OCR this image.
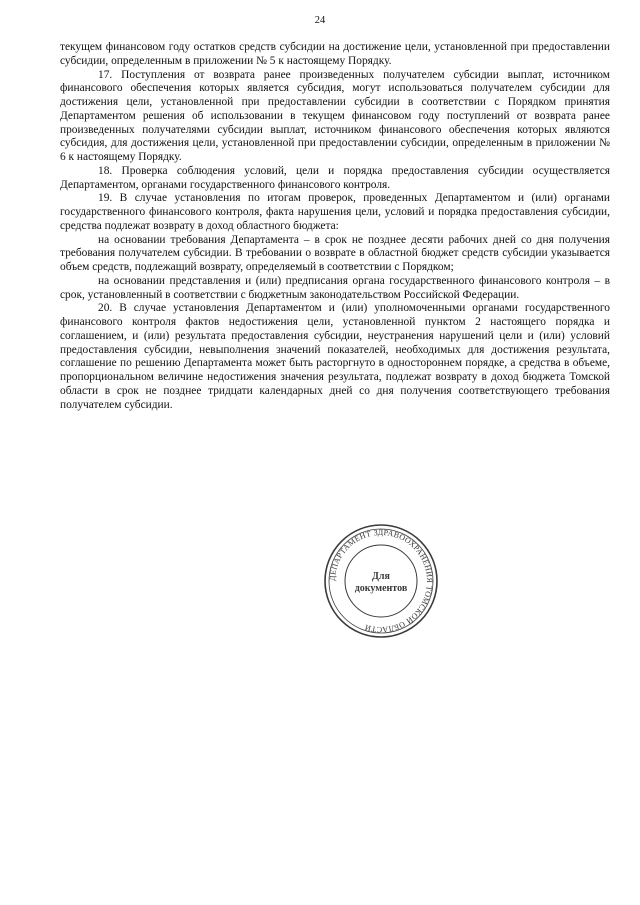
24

текущем финансовом году остатков средств субсидии на достижение цели, установленной при предоставлении субсидии, определенным в приложении № 5 к настоящему Порядку.

17. Поступления от возврата ранее произведенных получателем субсидии выплат, источником финансового обеспечения которых является субсидия, могут использоваться получателем субсидии для достижения цели, установленной при предоставлении субсидии в соответствии с Порядком принятия Департаментом решения об использовании в текущем финансовом году поступлений от возврата ранее произведенных получателями субсидии выплат, источником финансового обеспечения которых являются субсидия, для достижения цели, установленной при предоставлении субсидии, определенным в приложении № 6 к настоящему Порядку.

18. Проверка соблюдения условий, цели и порядка предоставления субсидии осуществляется Департаментом, органами государственного финансового контроля.

19. В случае установления по итогам проверок, проведенных Департаментом и (или) органами государственного финансового контроля, факта нарушения цели, условий и порядка предоставления субсидии, средства подлежат возврату в доход областного бюджета:

на основании требования Департамента – в срок не позднее десяти рабочих дней со дня получения требования получателем субсидии. В требовании о возврате в областной бюджет средств субсидии указывается объем средств, подлежащий возврату, определяемый в соответствии с Порядком;

на основании представления и (или) предписания органа государственного финансового контроля – в срок, установленный в соответствии с бюджетным законодательством Российской Федерации.

20. В случае установления Департаментом и (или) уполномоченными органами государственного финансового контроля фактов недостижения цели, установленной пунктом 2 настоящего порядка и соглашением, и (или) результата предоставления субсидии, неустранения нарушений цели и (или) условий предоставления субсидии, невыполнения значений показателей, необходимых для достижения результата, соглашение по решению Департамента может быть расторгнуто в одностороннем порядке, а средства в объеме, пропорциональном величине недостижения значения результата, подлежат возврату в доход бюджета Томской области в срок не позднее тридцати календарных дней со дня получения соответствующего требования получателем субсидии.

ДЕПАРТАМЕНТ ЗДРАВООХРАНЕНИЯ ТОМСКОЙ ОБЛАСТИ
Для
документов
